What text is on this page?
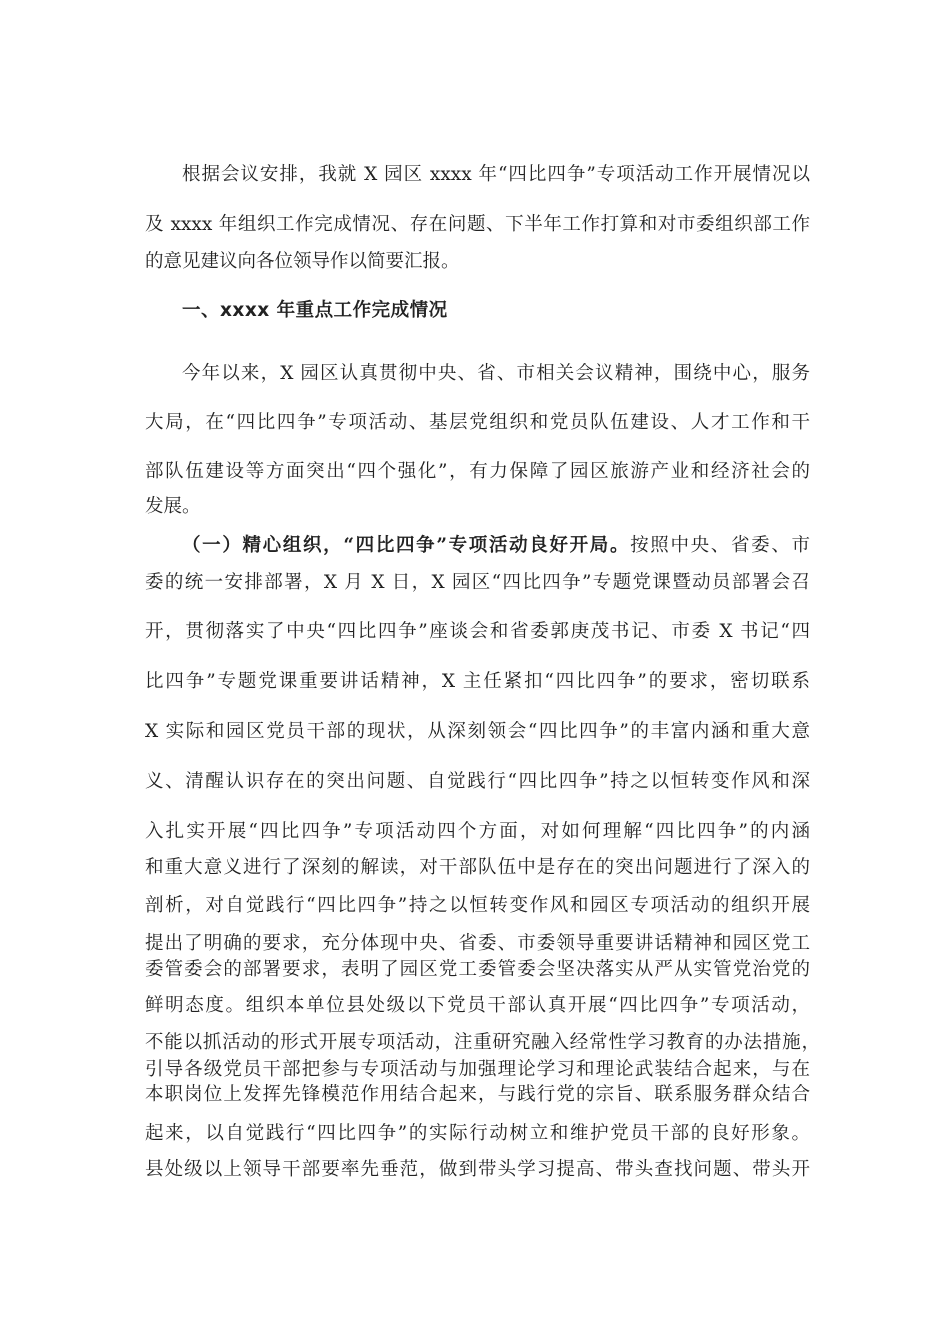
根据会议安排，我就 X 园区 xxxx 年“四比四争”专项活动工作开展情况以
及 xxxx 年组织工作完成情况、存在问题、下半年工作打算和对市委组织部工作
的意见建议向各位领导作以简要汇报。
一、xxxx 年重点工作完成情况
今年以来，X 园区认真贯彻中央、省、市相关会议精神，围绕中心，服务
大局，在“四比四争”专项活动、基层党组织和党员队伍建设、人才工作和干
部队伍建设等方面突出“四个强化”，有力保障了园区旅游产业和经济社会的
发展。
（一）精心组织，“四比四争”专项活动良好开局。按照中央、省委、市
委的统一安排部署，X 月 X 日，X 园区“四比四争”专题党课暨动员部署会召
开，贯彻落实了中央“四比四争”座谈会和省委郭庚茂书记、市委 X 书记“四
比四争”专题党课重要讲话精神，X 主任紧扣“四比四争”的要求，密切联系
X 实际和园区党员干部的现状，从深刻领会“四比四争”的丰富内涵和重大意
义、清醒认识存在的突出问题、自觉践行“四比四争”持之以恒转变作风和深
入扎实开展“四比四争”专项活动四个方面，对如何理解“四比四争”的内涵
和重大意义进行了深刻的解读，对干部队伍中是存在的突出问题进行了深入的
剖析，对自觉践行“四比四争”持之以恒转变作风和园区专项活动的组织开展
提出了明确的要求，充分体现中央、省委、市委领导重要讲话精神和园区党工
委管委会的部署要求，表明了园区党工委管委会坚决落实从严从实管党治党的
鲜明态度。组织本单位县处级以下党员干部认真开展“四比四争”专项活动，
不能以抓活动的形式开展专项活动，注重研究融入经常性学习教育的办法措施，
引导各级党员干部把参与专项活动与加强理论学习和理论武装结合起来，与在
本职岗位上发挥先锋模范作用结合起来，与践行党的宗旨、联系服务群众结合
起来，以自觉践行“四比四争”的实际行动树立和维护党员干部的良好形象。
县处级以上领导干部要率先垂范，做到带头学习提高、带头查找问题、带头开
